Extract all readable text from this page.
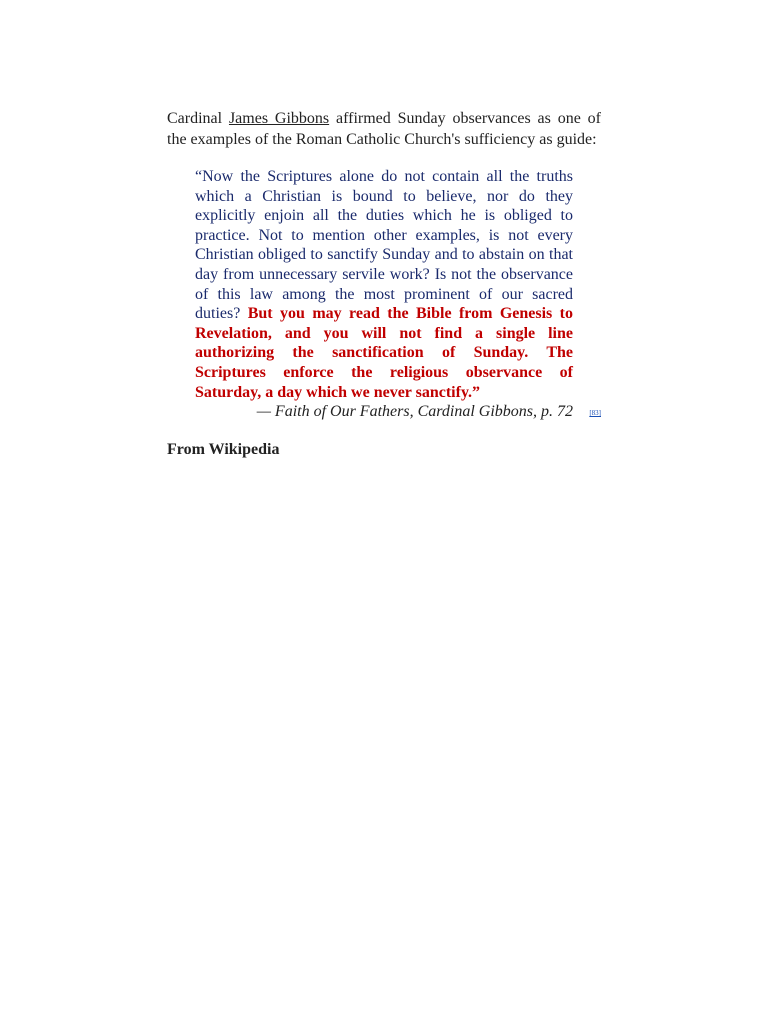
Cardinal James Gibbons affirmed Sunday observances as one of the examples of the Roman Catholic Church's sufficiency as guide:

“Now the Scriptures alone do not contain all the truths which a Christian is bound to believe, nor do they explicitly enjoin all the duties which he is obliged to practice. Not to mention other examples, is not every Christian obliged to sanctify Sunday and to abstain on that day from unnecessary servile work? Is not the observance of this law among the most prominent of our sacred duties? But you may read the Bible from Genesis to Revelation, and you will not find a single line authorizing the sanctification of Sunday. The Scriptures enforce the religious observance of Saturday, a day which we never sanctify.”

— Faith of Our Fathers, Cardinal Gibbons, p. 72 [83]

From Wikipedia
